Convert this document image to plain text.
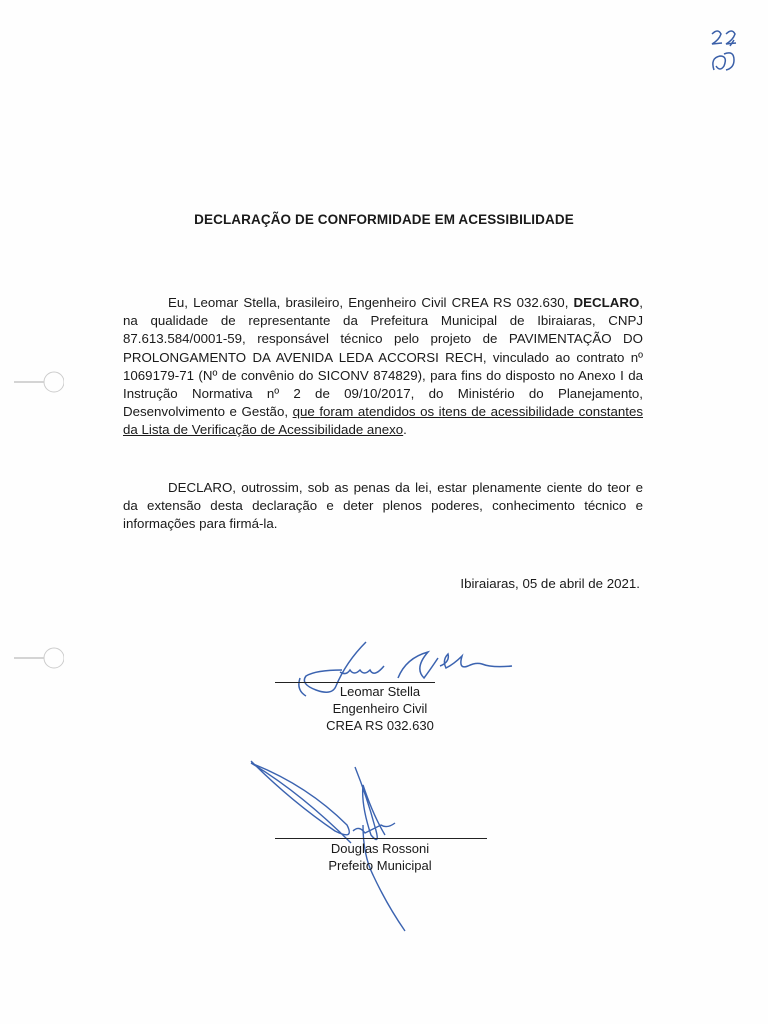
DECLARAÇÃO DE CONFORMIDADE EM ACESSIBILIDADE
Eu, Leomar Stella, brasileiro, Engenheiro Civil CREA RS 032.630, DECLARO, na qualidade de representante da Prefeitura Municipal de Ibiraiaras, CNPJ 87.613.584/0001-59, responsável técnico pelo projeto de PAVIMENTAÇÃO DO PROLONGAMENTO DA AVENIDA LEDA ACCORSI RECH, vinculado ao contrato nº 1069179-71 (Nº de convênio do SICONV 874829), para fins do disposto no Anexo I da Instrução Normativa nº 2 de 09/10/2017, do Ministério do Planejamento, Desenvolvimento e Gestão, que foram atendidos os itens de acessibilidade constantes da Lista de Verificação de Acessibilidade anexo.
DECLARO, outrossim, sob as penas da lei, estar plenamente ciente do teor e da extensão desta declaração e deter plenos poderes, conhecimento técnico e informações para firmá-la.
Ibiraiaras, 05 de abril de 2021.
Leomar Stella
Engenheiro Civil
CREA RS 032.630
Douglas Rossoni
Prefeito Municipal
